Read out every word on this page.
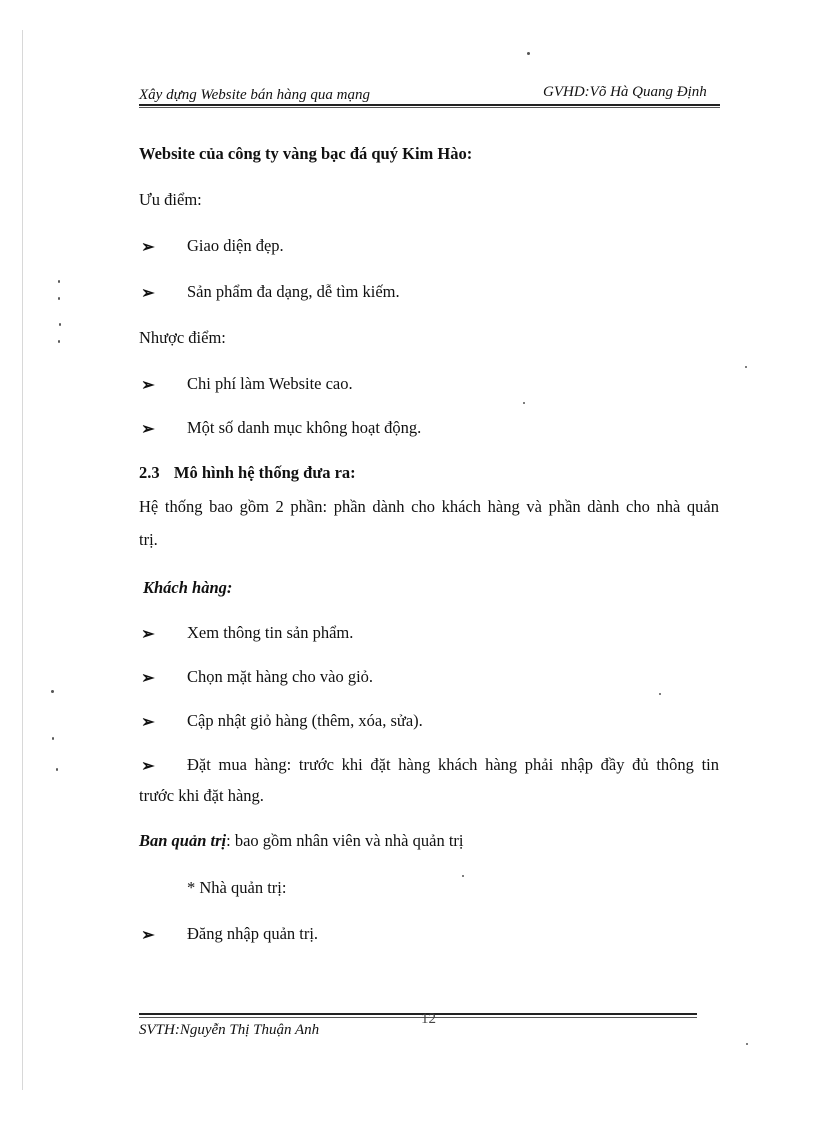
Xây dựng Website bán hàng qua mạng	GVHD:Võ Hà Quang Định
Website của công ty vàng bạc đá quý Kim Hào:
Ưu điểm:
➢ Giao diện đẹp.
➢ Sản phẩm đa dạng, dễ tìm kiếm.
Nhược điểm:
➢ Chi phí làm Website cao.
➢ Một số danh mục không hoạt động.
2.3 Mô hình hệ thống đưa ra:
Hệ thống bao gồm 2 phần: phần dành cho khách hàng và phần dành cho nhà quản
trị.
Khách hàng:
➢ Xem thông tin sản phẩm.
➢ Chọn mặt hàng cho vào giỏ.
➢ Cập nhật giỏ hàng (thêm, xóa, sửa).
➢ Đặt mua hàng: trước khi đặt hàng khách hàng phải nhập đầy đủ thông tin
trước khi đặt hàng.
Ban quản trị: bao gồm nhân viên và nhà quản trị
* Nhà quản trị:
➢ Đăng nhập quản trị.
12
SVTH:Nguyễn Thị Thuận Anh
